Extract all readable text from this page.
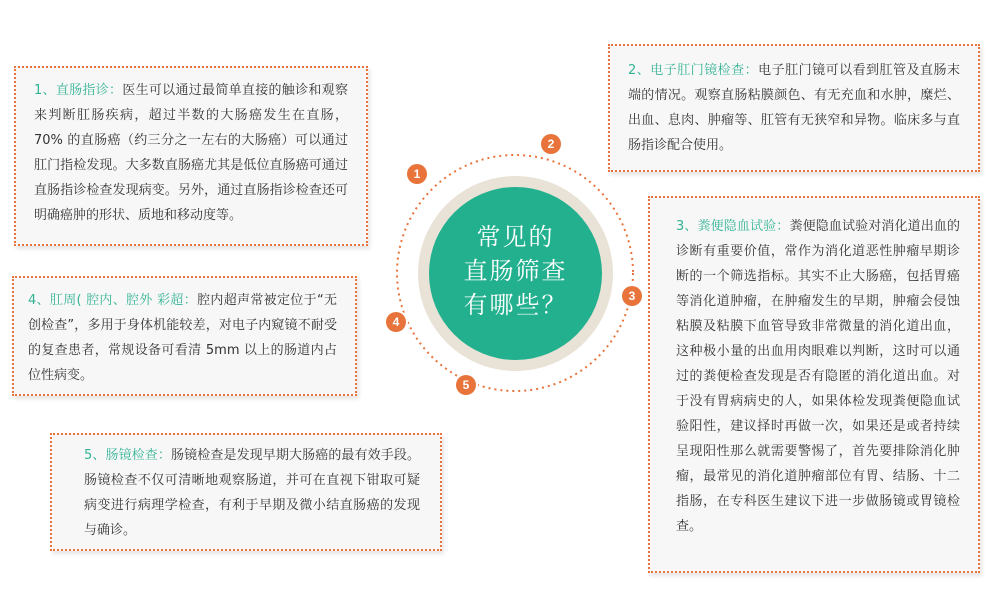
常见的
直肠筛查
有哪些？
1
2
3
4
5
1、直肠指诊：医生可以通过最简单直接的触诊和观察来判断肛肠疾病，超过半数的大肠癌发生在直肠，70% 的直肠癌（约三分之一左右的大肠癌）可以通过肛门指检发现。大多数直肠癌尤其是低位直肠癌可通过直肠指诊检查发现病变。另外，通过直肠指诊检查还可明确癌肿的形状、质地和移动度等。
2、电子肛门镜检查：电子肛门镜可以看到肛管及直肠末端的情况。观察直肠粘膜颜色、有无充血和水肿，糜烂、出血、息肉、肿瘤等、肛管有无狭窄和异物。临床多与直肠指诊配合使用。
3、粪便隐血试验：粪便隐血试验对消化道出血的诊断有重要价值，常作为消化道恶性肿瘤早期诊断的一个筛选指标。其实不止大肠癌，包括胃癌等消化道肿瘤，在肿瘤发生的早期，肿瘤会侵蚀粘膜及粘膜下血管导致非常微量的消化道出血，这种极小量的出血用肉眼难以判断，这时可以通过的粪便检查发现是否有隐匿的消化道出血。对于没有胃病病史的人，如果体检发现粪便隐血试验阳性，建议择时再做一次，如果还是或者持续呈现阳性那么就需要警惕了，首先要排除消化肿瘤，最常见的消化道肿瘤部位有胃、结肠、十二指肠，在专科医生建议下进一步做肠镜或胃镜检查。
4、肛周( 腔内、腔外 彩超：腔内超声常被定位于“无创检查”，多用于身体机能较差，对电子内窥镜不耐受的复查患者，常规设备可看清 5mm 以上的肠道内占位性病变。
5、肠镜检查：肠镜检查是发现早期大肠癌的最有效手段。肠镜检查不仅可清晰地观察肠道，并可在直视下钳取可疑病变进行病理学检查，有利于早期及微小结直肠癌的发现与确诊。
